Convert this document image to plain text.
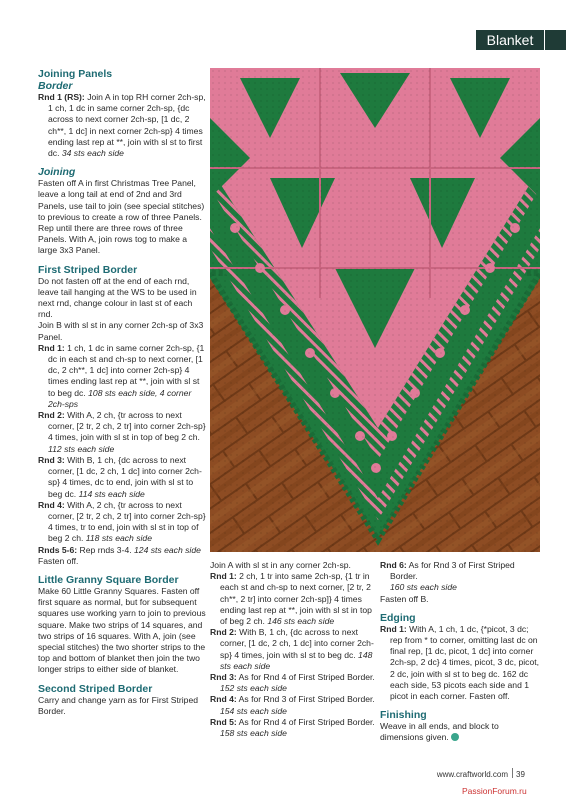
Blanket
Joining Panels
Border

Rnd 1 (RS): Join A in top RH corner 2ch-sp, 1 ch, 1 dc in same corner 2ch-sp, {dc across to next corner 2ch-sp, [1 dc, 2 ch**, 1 dc] in next corner 2ch-sp} 4 times ending last rep at **, join with sl st to first dc. 34 sts each side

Joining

Fasten off A in first Christmas Tree Panel, leave a long tail at end of 2nd and 3rd Panels, use tail to join (see special stitches) to previous to create a row of three Panels. Rep until there are three rows of three Panels. With A, join rows tog to make a large 3x3 Panel.

First Striped Border

Do not fasten off at the end of each rnd, leave tail hanging at the WS to be used in next rnd, change colour in last st of each rnd.

Join B with sl st in any corner 2ch-sp of 3x3 Panel.

Rnd 1: 1 ch, 1 dc in same corner 2ch-sp, {1 dc in each st and ch-sp to next corner, [1 dc, 2 ch**, 1 dc] into corner 2ch-sp} 4 times ending last rep at **, join with sl st to beg dc. 108 sts each side, 4 corner 2ch-sps

Rnd 2: With A, 2 ch, {tr across to next corner, [2 tr, 2 ch, 2 tr] into corner 2ch-sp} 4 times, join with sl st in top of beg 2 ch. 112 sts each side

Rnd 3: With B, 1 ch, {dc across to next corner, [1 dc, 2 ch, 1 dc] into corner 2ch-sp} 4 times, dc to end, join with sl st to beg dc. 114 sts each side

Rnd 4: With A, 2 ch, {tr across to next corner, [2 tr, 2 ch, 2 tr] into corner 2ch-sp} 4 times, tr to end, join with sl st in top of beg 2 ch. 118 sts each side

Rnds 5-6: Rep rnds 3-4. 124 sts each side

Fasten off.

Little Granny Square Border

Make 60 Little Granny Squares. Fasten off first square as normal, but for subsequent squares use working yarn to join to previous square. Make two strips of 14 squares, and two strips of 16 squares. With A, join (see special stitches) the two shorter strips to the top and bottom of blanket then join the two longer strips to either side of blanket.

Second Striped Border

Carry and change yarn as for First Striped Border.

Join A with sl st in any corner 2ch-sp.

Rnd 1: 2 ch, 1 tr into same 2ch-sp, {1 tr in each st and ch-sp to next corner, [2 tr, 2 ch**, 2 tr] into corner 2ch-sp]} 4 times ending last rep at **, join with sl st in top of beg 2 ch. 146 sts each side

Rnd 2: With B, 1 ch, {dc across to next corner, [1 dc, 2 ch, 1 dc] into corner 2ch-sp} 4 times, join with sl st to beg dc. 148 sts each side

Rnd 3: As for Rnd 4 of First Striped Border.
152 sts each side

Rnd 4: As for Rnd 3 of First Striped Border.
154 sts each side

Rnd 5: As for Rnd 4 of First Striped Border.
158 sts each side

Rnd 6: As for Rnd 3 of First Striped Border.
160 sts each side

Fasten off B.

Edging

Rnd 1: With A, 1 ch, 1 dc, {*picot, 3 dc; rep from * to corner, omitting last dc on final rep, [1 dc, picot, 1 dc] into corner 2ch-sp, 2 dc} 4 times, picot, 3 dc, picot, 2 dc, join with sl st to beg dc. 162 dc each side, 53 picots each side and 1 picot in each corner. Fasten off.

Finishing

Weave in all ends, and block to dimensions given.

www.craftworld.com 39
PassionForum.ru
